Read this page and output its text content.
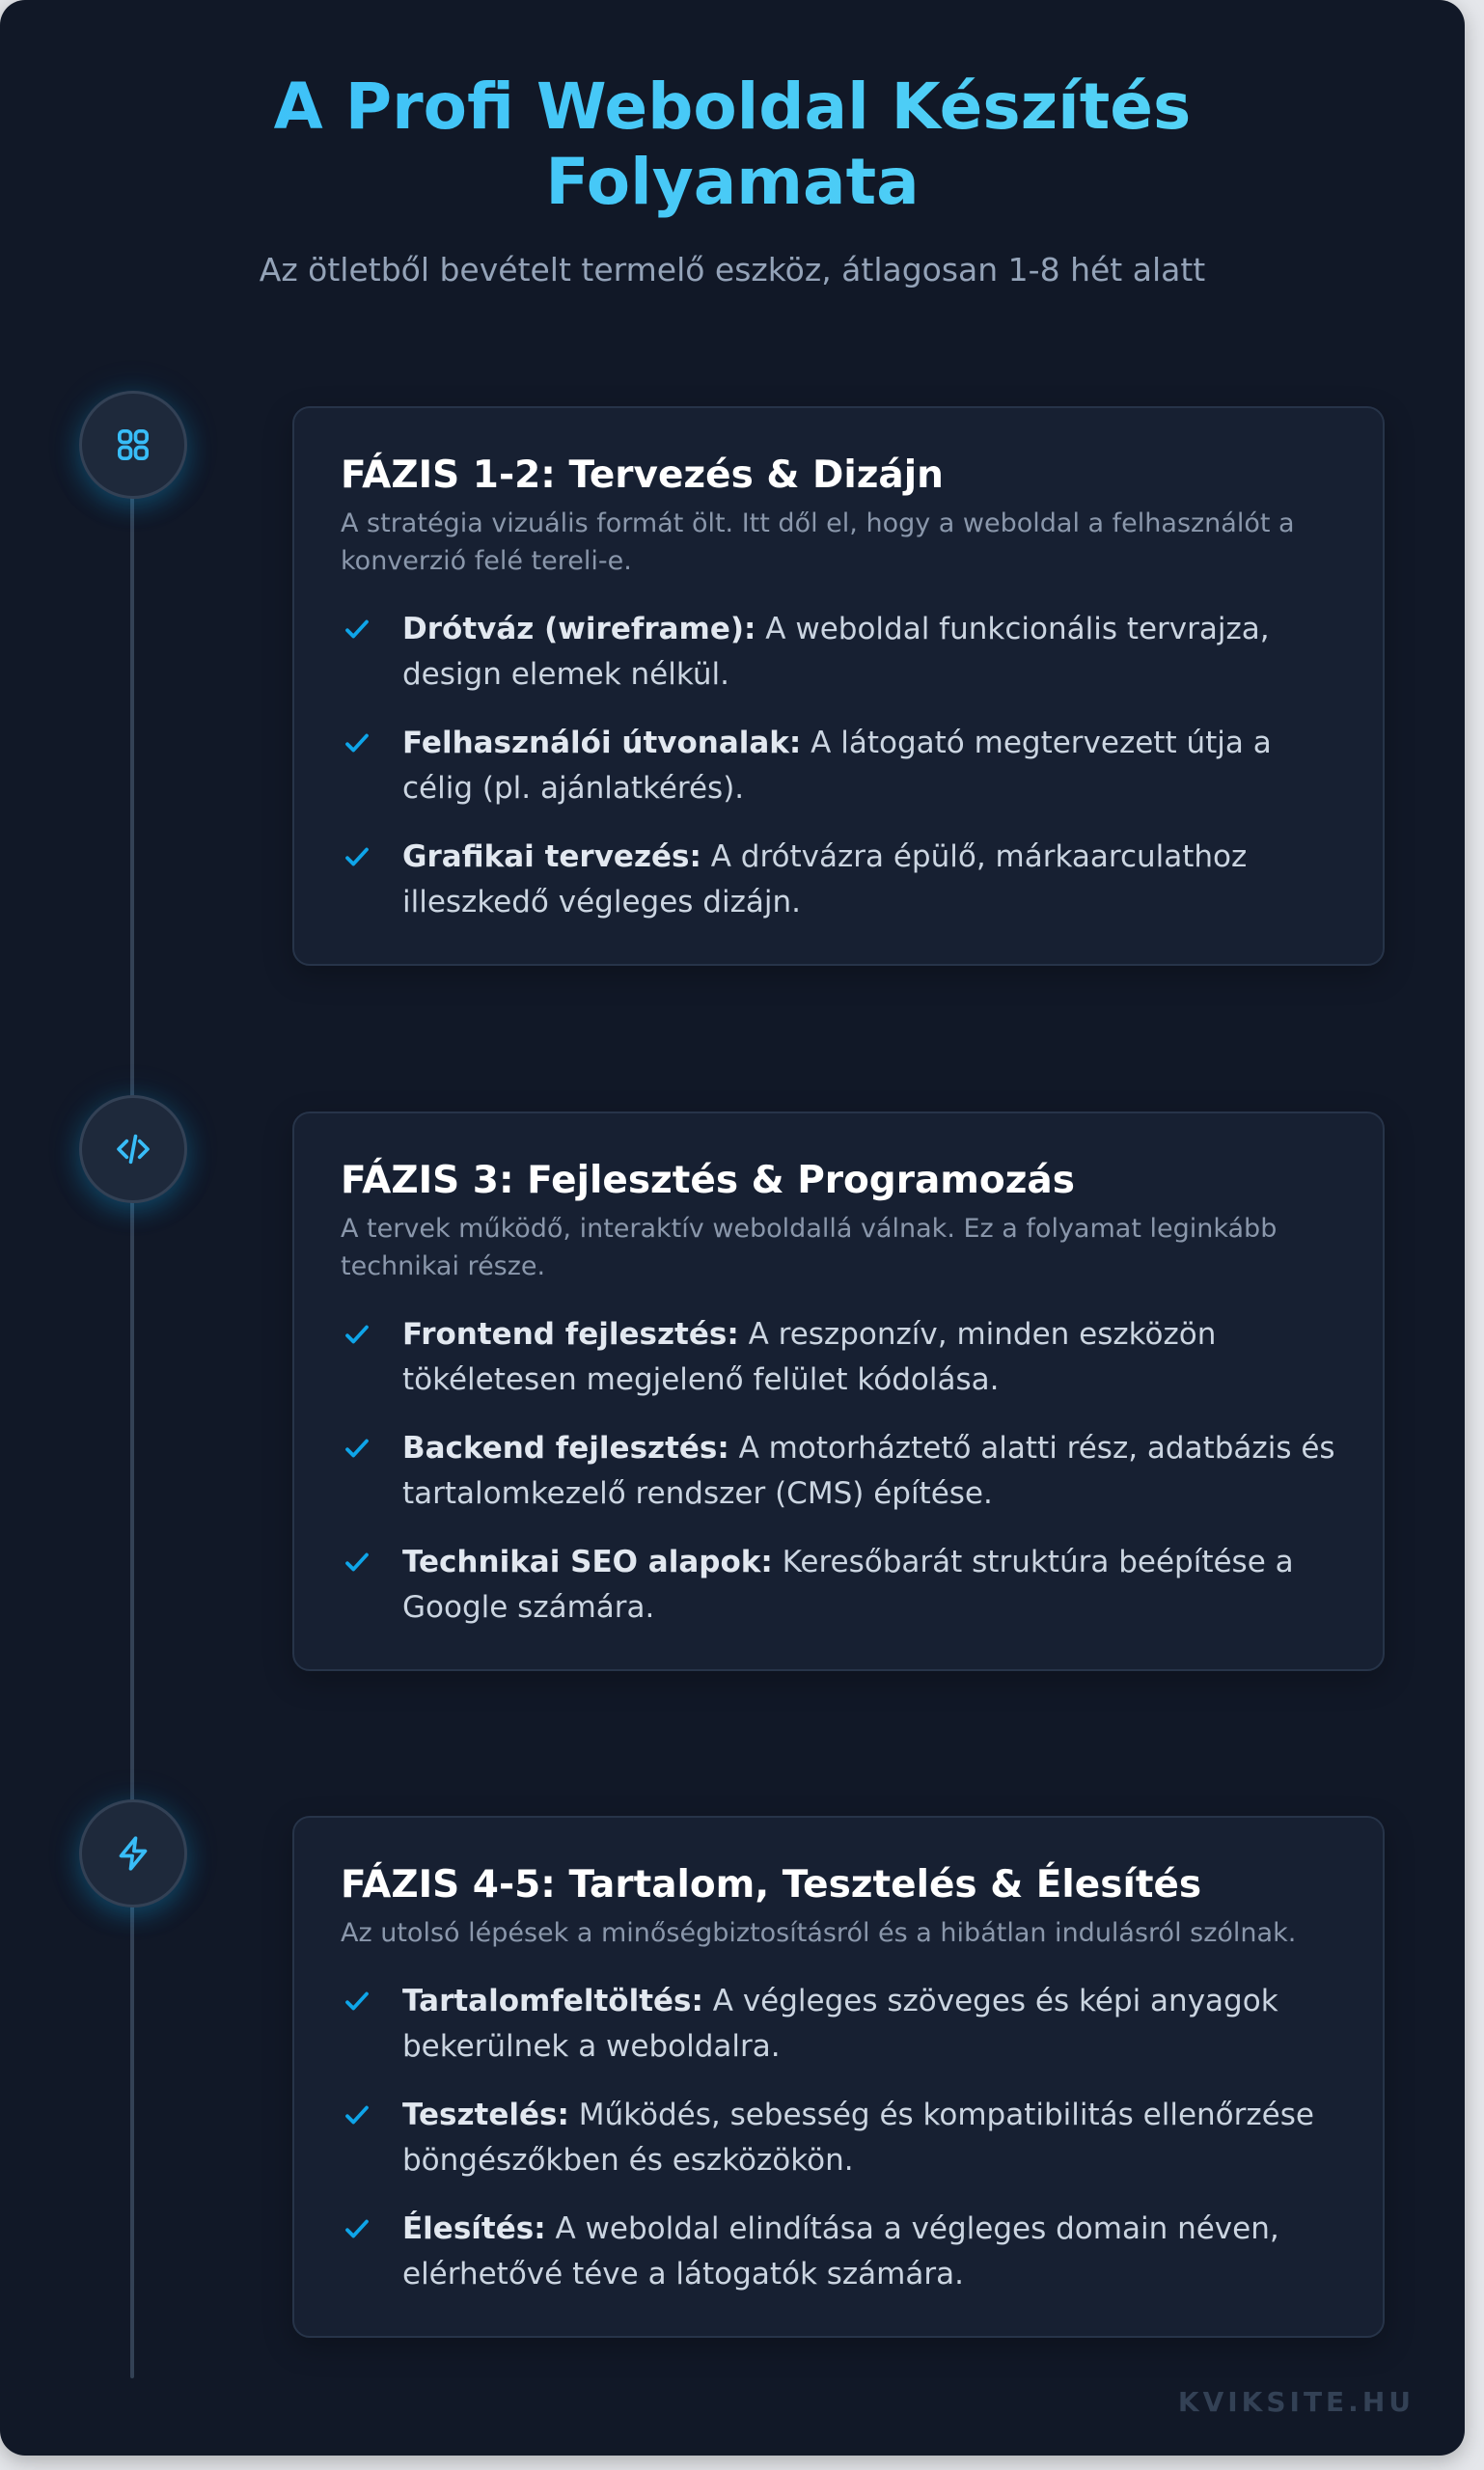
A Profi Weboldal Készítés
Folyamata
Az ötletből bevételt termelő eszköz, átlagosan 1-8 hét alatt
FÁZIS 1-2: Tervezés & Dizájn

A stratégia vizuális formát ölt. Itt dől el, hogy a weboldal a felhasználót a konverzió felé tereli-e.

Drótváz (wireframe): A weboldal funkcionális tervrajza, design elemek nélkül.
Felhasználói útvonalak: A látogató megtervezett útja a célig (pl. ajánlatkérés).
Grafikai tervezés: A drótvázra épülő, márkaarculathoz illeszkedő végleges dizájn.
FÁZIS 3: Fejlesztés & Programozás

A tervek működő, interaktív weboldallá válnak. Ez a folyamat leginkább technikai része.

Frontend fejlesztés: A reszponzív, minden eszközön tökéletesen megjelenő felület kódolása.
Backend fejlesztés: A motorháztető alatti rész, adatbázis és tartalomkezelő rendszer (CMS) építése.
Technikai SEO alapok: Keresőbarát struktúra beépítése a Google számára.
FÁZIS 4-5: Tartalom, Tesztelés & Élesítés

Az utolsó lépések a minőségbiztosításról és a hibátlan indulásról szólnak.

Tartalomfeltöltés: A végleges szöveges és képi anyagok bekerülnek a weboldalra.
Tesztelés: Működés, sebesség és kompatibilitás ellenőrzése böngészőkben és eszközökön.
Élesítés: A weboldal elindítása a végleges domain néven, elérhetővé téve a látogatók számára.
KVIKSITE.HU
